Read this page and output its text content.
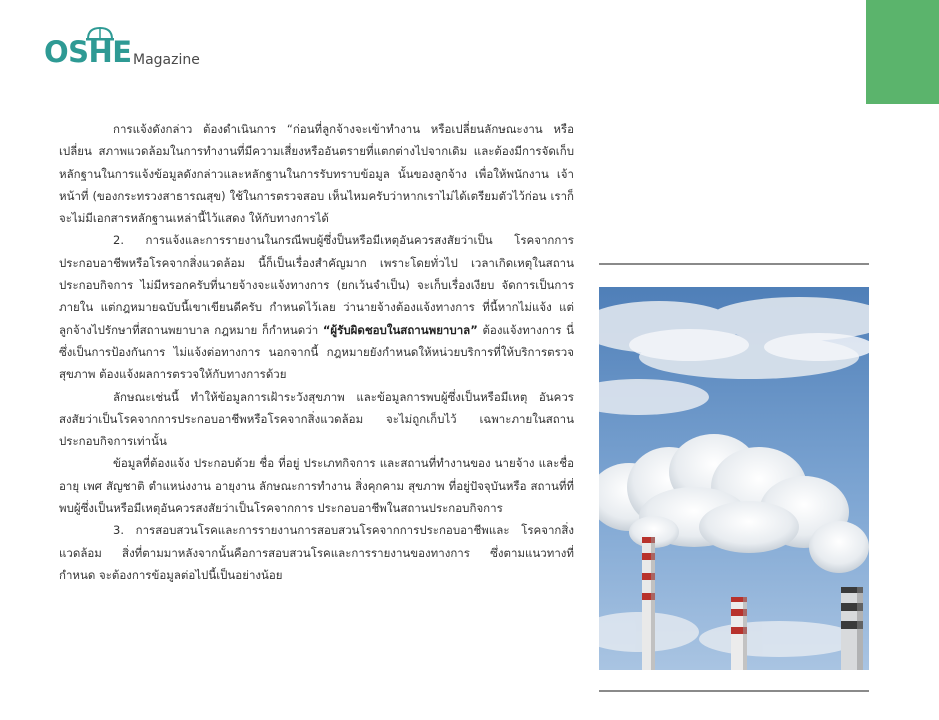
OSHE Magazine

การแจ้งดังกล่าว ต้องดำเนินการ “ก่อนที่ลูกจ้างจะเข้าทำงาน หรือเปลี่ยนลักษณะงาน หรือเปลี่ยน สภาพแวดล้อมในการทำงานที่มีความเสี่ยงหรืออันตรายที่แตกต่างไปจากเดิม และต้องมีการจัดเก็บ หลักฐานในการแจ้งข้อมูลดังกล่าวและหลักฐานในการรับทราบข้อมูล นั้นของลูกจ้าง เพื่อให้พนักงาน เจ้าหน้าที่ (ของกระทรวงสาธารณสุข) ใช้ในการตรวจสอบ เห็นไหมครับว่าหากเราไม่ได้เตรียมตัวไว้ก่อน เราก็จะไม่มีเอกสารหลักฐานเหล่านี้ไว้แสดง ให้กับทางการได้

2. การแจ้งและการรายงานในกรณีพบผู้ซึ่งป็นหรือมีเหตุอันควรสงสัยว่าเป็น โรคจากการประกอบอาชีพหรือโรคจากสิ่งแวดล้อม นี้ก็เป็นเรื่องสำคัญมาก เพราะโดยทั่วไป เวลาเกิดเหตุในสถานประกอบกิจการ ไม่มีหรอกครับที่นายจ้างจะแจ้งทางการ (ยกเว้นจำเป็น) จะเก็บเรื่องเงียบ จัดการเป็นการภายใน แต่กฎหมายฉบับนี้เขาเขียนดีครับ กำหนดไว้เลย ว่านายจ้างต้องแจ้งทางการ ที่นี้หากไม่แจ้ง แต่ลูกจ้างไปรักษาที่สถานพยาบาล กฎหมาย ก็กำหนดว่า “ผู้รับผิดชอบในสถานพยาบาล” ต้องแจ้งทางการ นี่ซึ่งเป็นการป้องกันการ ไม่แจ้งต่อทางการ นอกจากนี้ กฎหมายยังกำหนดให้หน่วยบริการที่ให้บริการตรวจสุขภาพ ต้องแจ้งผลการตรวจให้กับทางการด้วย

ลักษณะเช่นนี้ ทำให้ข้อมูลการเฝ้าระวังสุขภาพ และข้อมูลการพบผู้ซึ่งเป็นหรือมีเหตุ อันควรสงสัยว่าเป็นโรคจากการประกอบอาชีพหรือโรคจากสิ่งแวดล้อม จะไม่ถูกเก็บไว้ เฉพาะภายในสถานประกอบกิจการเท่านั้น

ข้อมูลที่ต้องแจ้ง ประกอบด้วย ชื่อ ที่อยู่ ประเภทกิจการ และสถานที่ทำงานของ นายจ้าง และชื่อ อายุ เพศ สัญชาติ ตำแหน่งงาน อายุงาน ลักษณะการทำงาน สิ่งคุกคาม สุขภาพ ที่อยู่ปัจจุบันหรือ สถานที่ที่พบผู้ซึ่งเป็นหรือมีเหตุอันควรสงสัยว่าเป็นโรคจากการ ประกอบอาชีพในสถานประกอบกิจการ

3. การสอบสวนโรคและการรายงานการสอบสวนโรคจากการประกอบอาชีพและ โรคจากสิ่งแวดล้อม สิ่งที่ตามมาหลังจากนั้นคือการสอบสวนโรคและการรายงานของทางการ ซึ่งตามแนวทางที่กำหนด จะต้องการข้อมูลต่อไปนี้เป็นอย่างน้อย
